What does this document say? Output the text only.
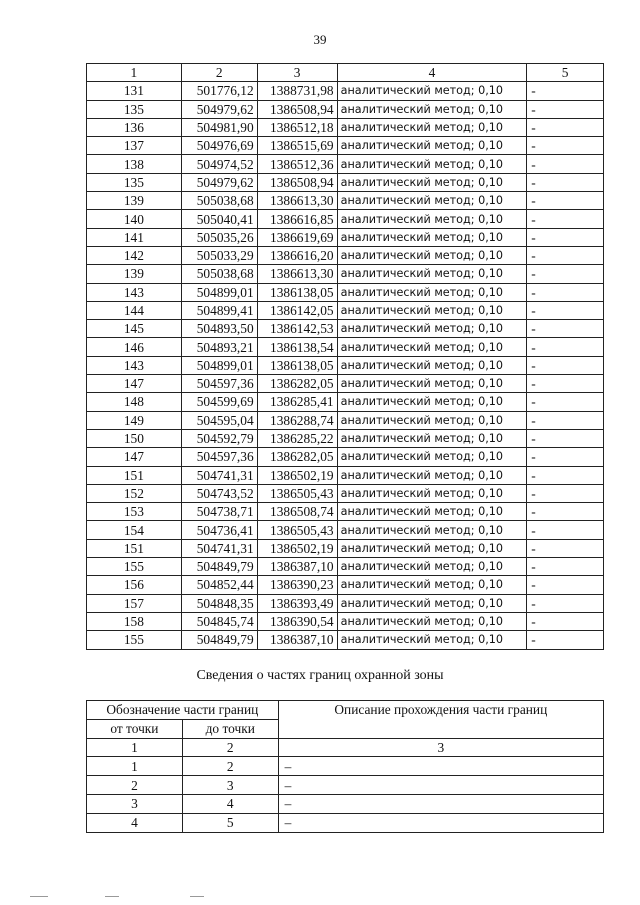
39
1	2	3	4	5
131	501776,12	1388731,98	аналитический метод; 0,10	-
135	504979,62	1386508,94	аналитический метод; 0,10	-
136	504981,90	1386512,18	аналитический метод; 0,10	-
137	504976,69	1386515,69	аналитический метод; 0,10	-
138	504974,52	1386512,36	аналитический метод; 0,10	-
135	504979,62	1386508,94	аналитический метод; 0,10	-
139	505038,68	1386613,30	аналитический метод; 0,10	-
140	505040,41	1386616,85	аналитический метод; 0,10	-
141	505035,26	1386619,69	аналитический метод; 0,10	-
142	505033,29	1386616,20	аналитический метод; 0,10	-
139	505038,68	1386613,30	аналитический метод; 0,10	-
143	504899,01	1386138,05	аналитический метод; 0,10	-
144	504899,41	1386142,05	аналитический метод; 0,10	-
145	504893,50	1386142,53	аналитический метод; 0,10	-
146	504893,21	1386138,54	аналитический метод; 0,10	-
143	504899,01	1386138,05	аналитический метод; 0,10	-
147	504597,36	1386282,05	аналитический метод; 0,10	-
148	504599,69	1386285,41	аналитический метод; 0,10	-
149	504595,04	1386288,74	аналитический метод; 0,10	-
150	504592,79	1386285,22	аналитический метод; 0,10	-
147	504597,36	1386282,05	аналитический метод; 0,10	-
151	504741,31	1386502,19	аналитический метод; 0,10	-
152	504743,52	1386505,43	аналитический метод; 0,10	-
153	504738,71	1386508,74	аналитический метод; 0,10	-
154	504736,41	1386505,43	аналитический метод; 0,10	-
151	504741,31	1386502,19	аналитический метод; 0,10	-
155	504849,79	1386387,10	аналитический метод; 0,10	-
156	504852,44	1386390,23	аналитический метод; 0,10	-
157	504848,35	1386393,49	аналитический метод; 0,10	-
158	504845,74	1386390,54	аналитический метод; 0,10	-
155	504849,79	1386387,10	аналитический метод; 0,10	-
Сведения о частях границ охранной зоны
Обозначение части границ		Описание прохождения части границ
от точки	до точки	
1	2	3
1	2	–
2	3	–
3	4	–
4	5	–
